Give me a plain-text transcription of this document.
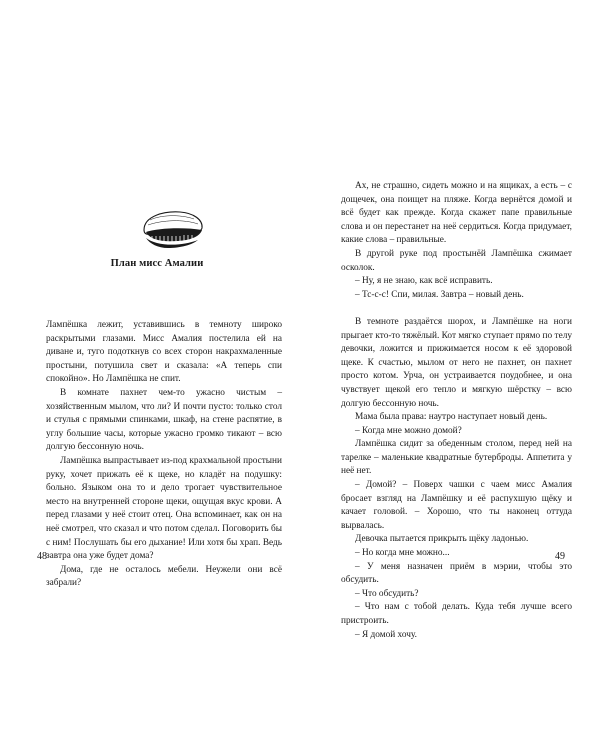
План мисс Амалии

Лампёшка лежит, уставившись в темноту широко раскрытыми глазами. Мисс Амалия постелила ей на диване и, туго подоткнув со всех сторон накрахмаленные простыни, потушила свет и сказала: «А теперь спи спокойно». Но Лампёшка не спит.

В комнате пахнет чем-то ужасно чистым – хозяйственным мылом, что ли? И почти пусто: только стол и стулья с прямыми спинками, шкаф, на стене распятие, в углу большие часы, которые ужасно громко тикают – всю долгую бессонную ночь.

Лампёшка выпрастывает из-под крахмальной простыни руку, хочет прижать её к щеке, но кладёт на подушку: больно. Языком она то и дело трогает чувствительное место на внутренней стороне щеки, ощущая вкус крови. А перед глазами у неё стоит отец. Она вспоминает, как он на неё смотрел, что сказал и что потом сделал. Поговорить бы с ним! Послушать бы его дыхание! Или хотя бы храп. Ведь завтра она уже будет дома?

Дома, где не осталось мебели. Неужели они всё забрали?

48

Ах, не страшно, сидеть можно и на ящиках, а есть – с дощечек, она поищет на пляже. Когда вернётся домой и всё будет как прежде. Когда скажет папе правильные слова и он перестанет на неё сердиться. Когда придумает, какие слова – правильные.

В другой руке под простынёй Лампёшка сжимает осколок.

– Ну, я не знаю, как всё исправить.

– Тс-с-с! Спи, милая. Завтра – новый день.

В темноте раздаётся шорох, и Лампёшке на ноги прыгает кто-то тяжёлый. Кот мягко ступает прямо по телу девочки, ложится и прижимается носом к её здоровой щеке. К счастью, мылом от него не пахнет, он пахнет просто котом. Урча, он устраивается поудобнее, и она чувствует щекой его тепло и мягкую шёрстку – всю долгую бессонную ночь.

Мама была права: наутро наступает новый день.

– Когда мне можно домой?

Лампёшка сидит за обеденным столом, перед ней на тарелке – маленькие квадратные бутерброды. Аппетита у неё нет.

– Домой? – Поверх чашки с чаем мисс Амалия бросает взгляд на Лампёшку и её распухшую щёку и качает головой. – Хорошо, что ты наконец оттуда вырвалась.

Девочка пытается прикрыть щёку ладонью.

– Но когда мне можно...

– У меня назначен приём в мэрии, чтобы это обсудить.

– Что обсудить?

– Что нам с тобой делать. Куда тебя лучше всего пристроить.

– Я домой хочу.

49
